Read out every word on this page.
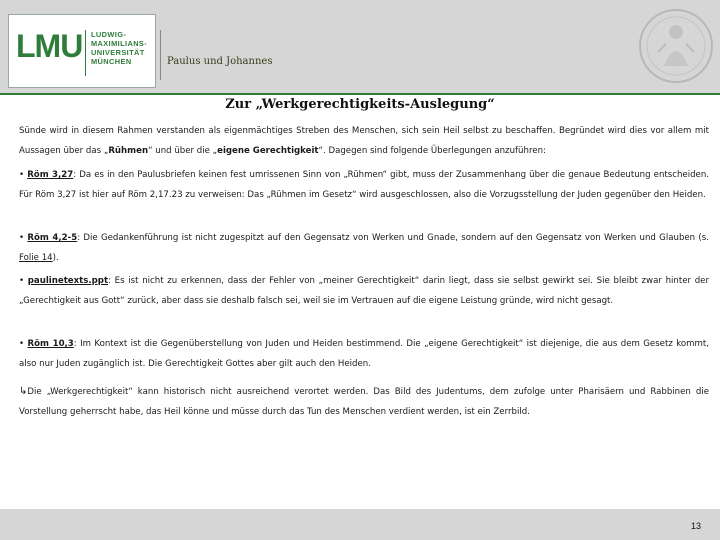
LMU LUDWIG-
MAXIMILIANS-
UNIVERSITÄT
MÜNCHEN	Paulus und Johannes
Zur „Werkgerechtigkeits-Auslegung“
Sünde wird in diesem Rahmen verstanden als eigenmächtiges Streben des Menschen, sich sein Heil selbst zu beschaffen. Begründet wird dies vor allem mit Aussagen über das „Rühmen“ und über die „eigene Gerechtigkeit“. Dagegen sind folgende Überlegungen anzuführen:
• Röm 3,27: Da es in den Paulusbriefen keinen fest umrissenen Sinn von „Rühmen“ gibt, muss der Zusammenhang über die genaue Bedeutung entscheiden. Für Röm 3,27 ist hier auf Röm 2,17.23 zu verweisen: Das „Rühmen im Gesetz“ wird ausgeschlossen, also die Vorzugsstellung der Juden gegenüber den Heiden.
• Röm 4,2-5: Die Gedankenführung ist nicht zugespitzt auf den Gegensatz von Werken und Gnade, sondern auf den Gegensatz von Werken und Glauben (s. Folie 14).
• paulinetexts.ppt: Es ist nicht zu erkennen, dass der Fehler von „meiner Gerechtigkeit“ darin liegt, dass sie selbst gewirkt sei. Sie bleibt zwar hinter der „Gerechtigkeit aus Gott“ zurück, aber dass sie deshalb falsch sei, weil sie im Vertrauen auf die eigene Leistung gründe, wird nicht gesagt.
• Röm 10,3: Im Kontext ist die Gegenüberstellung von Juden und Heiden bestimmend. Die „eigene Gerechtigkeit“ ist diejenige, die aus dem Gesetz kommt, also nur Juden zugänglich ist. Die Gerechtigkeit Gottes aber gilt auch den Heiden.
↳Die „Werkgerechtigkeit“ kann historisch nicht ausreichend verortet werden. Das Bild des Judentums, dem zufolge unter Pharisäern und Rabbinen die Vorstellung geherrscht habe, das Heil könne und müsse durch das Tun des Menschen verdient werden, ist ein Zerrbild.
13
